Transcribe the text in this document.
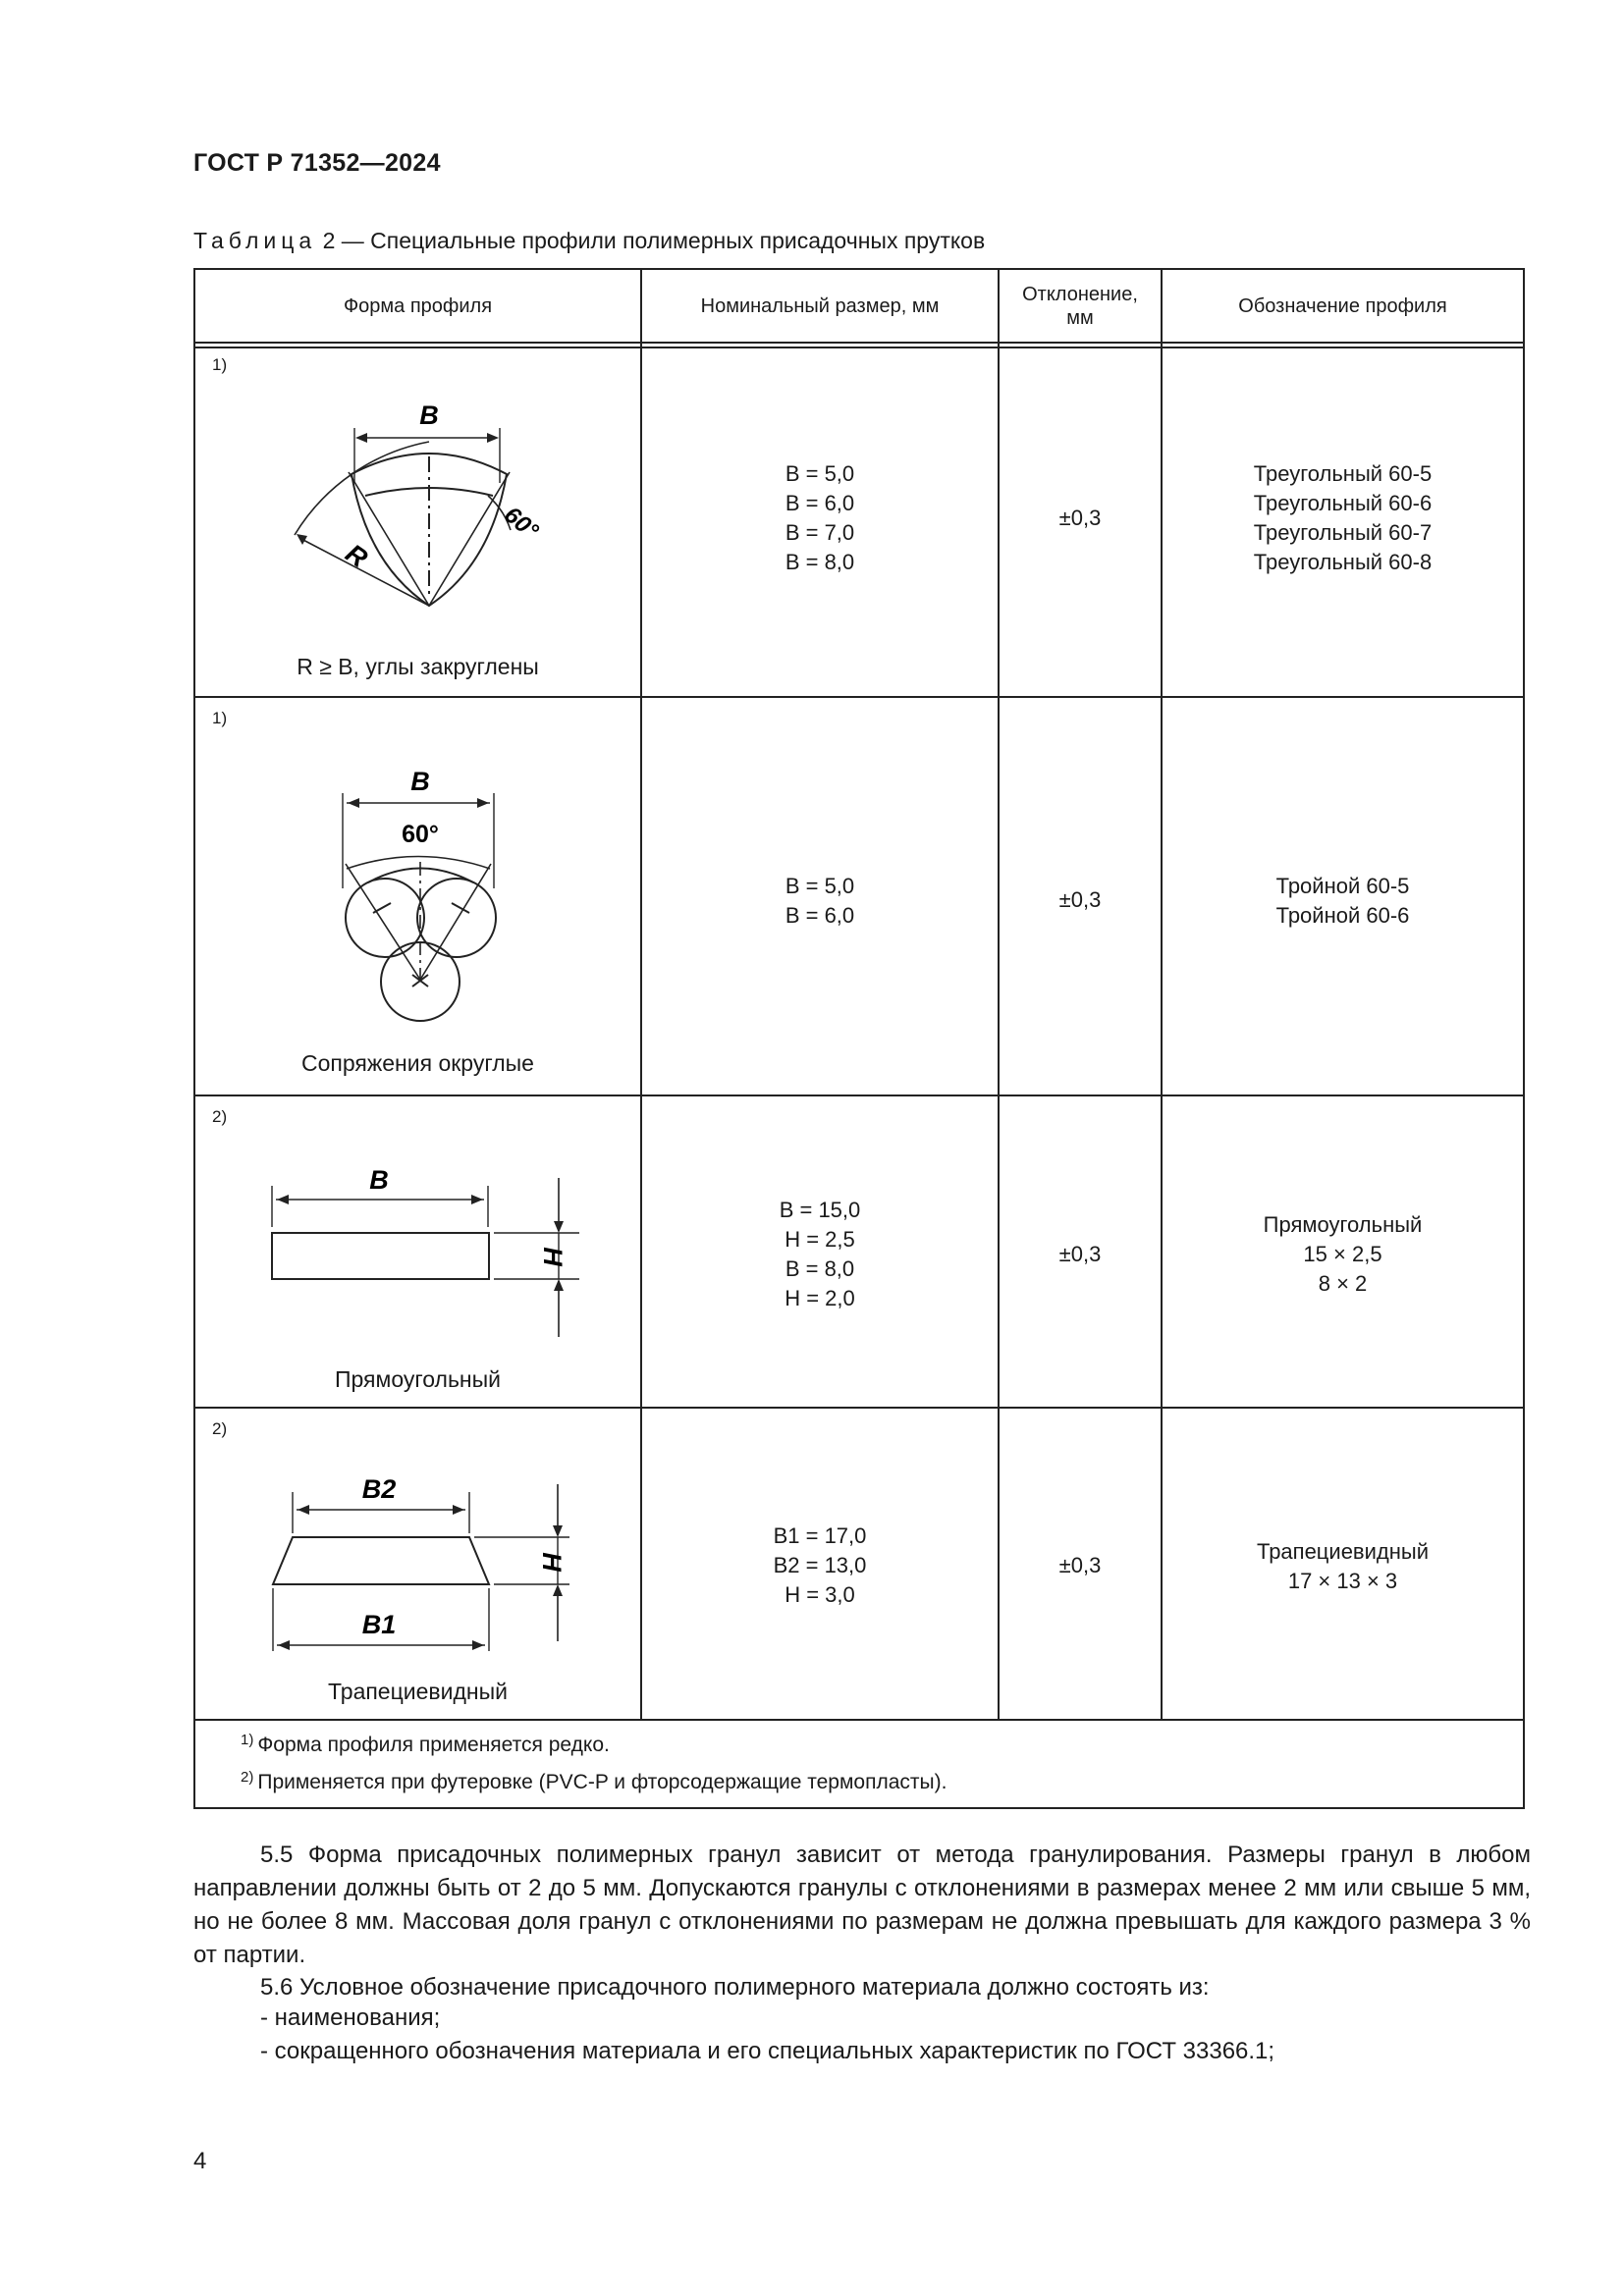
ГОСТ Р 71352—2024
Таблица 2 — Специальные профили полимерных присадочных прутков
Форма профиля	Номинальный размер, мм
Отклонение, мм
Обозначение профиля
1)
B
R
60°
R ≥ B, углы закруглены
B = 5,0
B = 6,0
B = 7,0
B = 8,0
±0,3
Треугольный 60-5
Треугольный 60-6
Треугольный 60-7
Треугольный 60-8
1)
B
60°
Сопряжения округлые
B = 5,0
B = 6,0
±0,3
Тройной 60-5
Тройной 60-6
2)
B
H
Прямоугольный
B = 15,0
H = 2,5
B = 8,0
H = 2,0
±0,3
Прямоугольный
15 × 2,5
8 × 2
2)
B2
B1
H
Трапециевидный
B1 = 17,0
B2 = 13,0
H = 3,0
±0,3
Трапециевидный
17 × 13 × 3
$^{1)}$ Форма профиля применяется редко.
$^{2)}$ Применяется при футеровке (PVC-P и фторсодержащие термопласты).
5.5 Форма присадочных полимерных гранул зависит от метода гранулирования. Размеры гранул в любом направлении должны быть от 2 до 5 мм. Допускаются гранулы с отклонениями в размерах менее 2 мм или свыше 5 мм, но не более 8 мм. Массовая доля гранул с отклонениями по размерам не должна превышать для каждого размера 3 % от партии.
5.6 Условное обозначение присадочного полимерного материала должно состоять из:
- наименования;
- сокращенного обозначения материала и его специальных характеристик по ГОСТ 33366.1;
4
